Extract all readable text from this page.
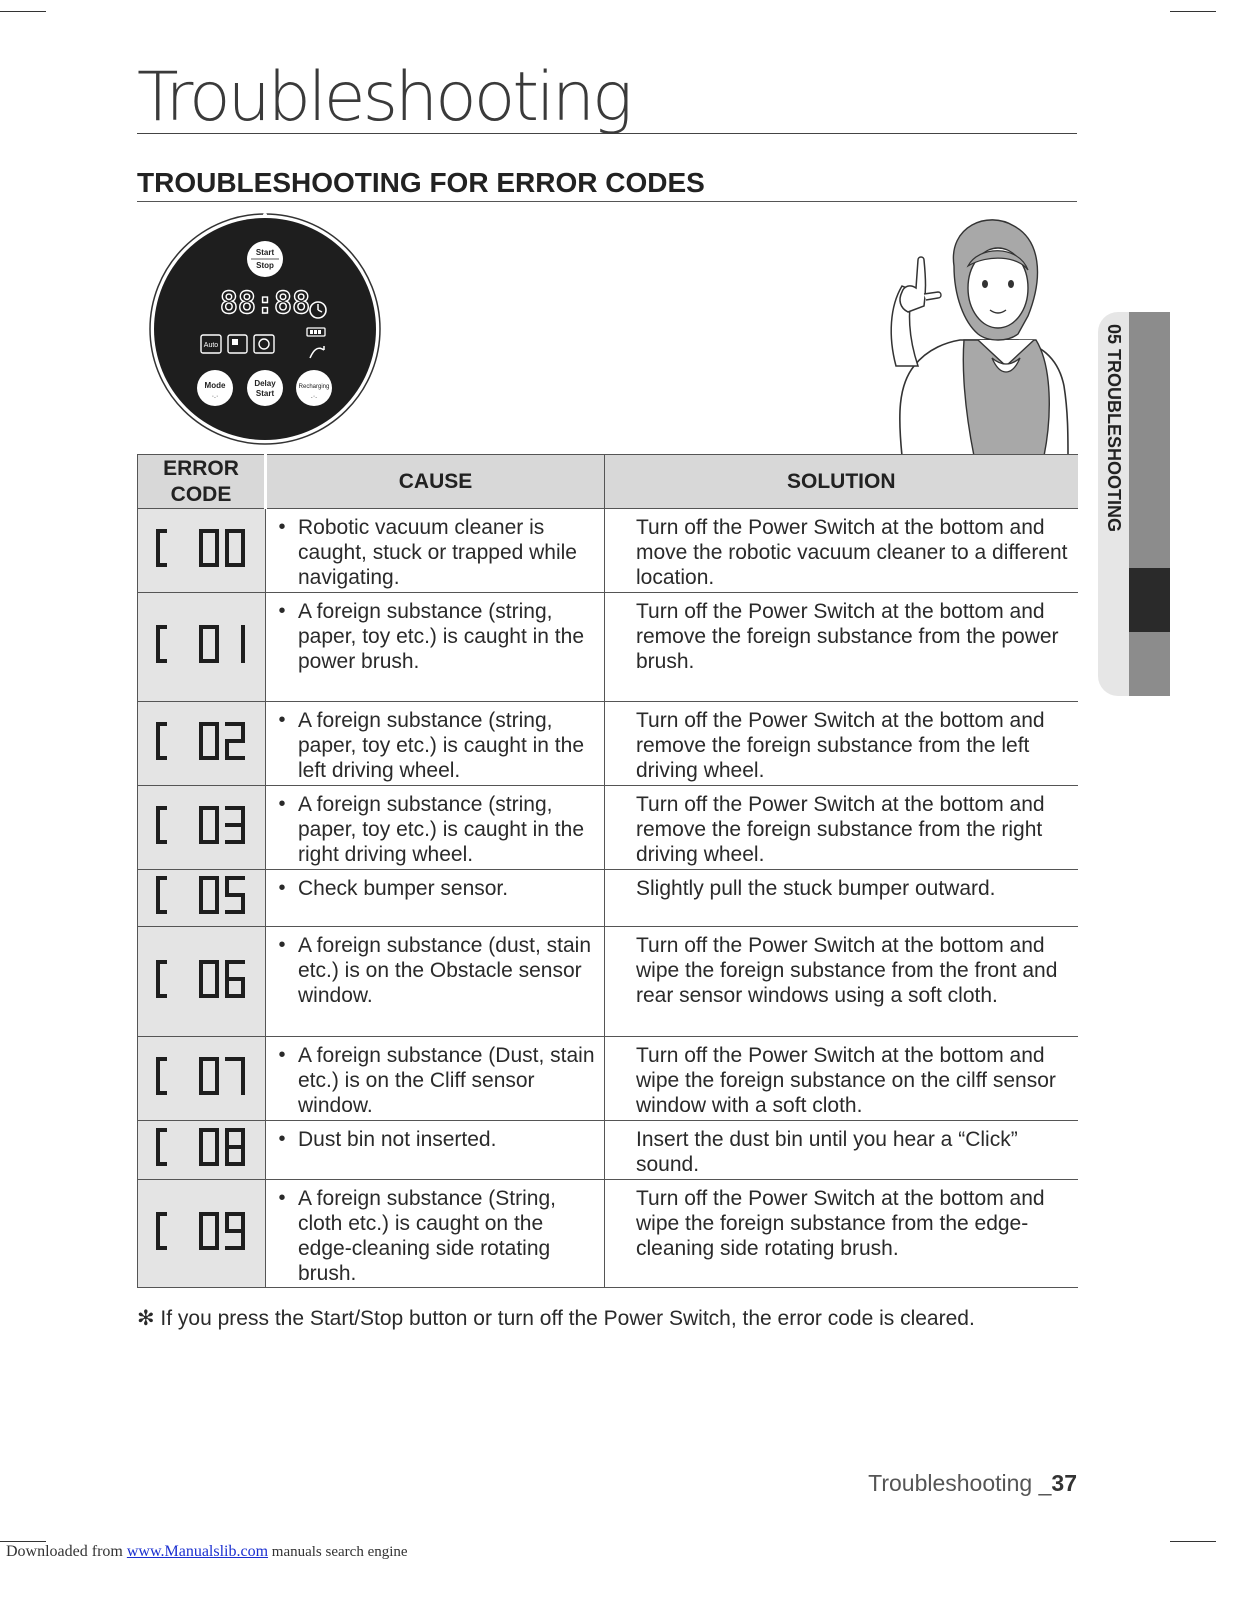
Troubleshooting
TROUBLESHOOTING FOR ERROR CODES
Start
Stop
88:88
Auto
Mode
·.·
Delay
Start
Recharging
.·.	05 TROUBLESHOOTING
ERROR
CODE	CAUSE	SOLUTION

• Robotic vacuum cleaner is caught, stuck or trapped while navigating.	Turn off the Power Switch at the bottom and move the robotic vacuum cleaner to a different location.

• A foreign substance (string, paper, toy etc.) is caught in the power brush.	Turn off the Power Switch at the bottom and remove the foreign substance from the power brush.

• A foreign substance (string, paper, toy etc.) is caught in the left driving wheel.	Turn off the Power Switch at the bottom and remove the foreign substance from the left driving wheel.

• A foreign substance (string, paper, toy etc.) is caught in the right driving wheel.	Turn off the Power Switch at the bottom and remove the foreign substance from the right driving wheel.

• Check bumper sensor.	Slightly pull the stuck bumper outward.

• A foreign substance (dust, stain etc.) is on the Obstacle sensor window.	Turn off the Power Switch at the bottom and wipe the foreign substance from the front and rear sensor windows using a soft cloth.

• A foreign substance (Dust, stain etc.) is on the Cliff sensor window.	Turn off the Power Switch at the bottom and wipe the foreign substance on the cilff sensor window with a soft cloth.

• Dust bin not inserted.	Insert the dust bin until you hear a “Click” sound.

• A foreign substance (String, cloth etc.) is caught on the edge-cleaning side rotating brush.	Turn off the Power Switch at the bottom and wipe the foreign substance from the edge-cleaning side rotating brush.
✻ If you press the Start/Stop button or turn off the Power Switch, the error code is cleared.
Troubleshooting _37
Downloaded from www.Manualslib.com manuals search engine
